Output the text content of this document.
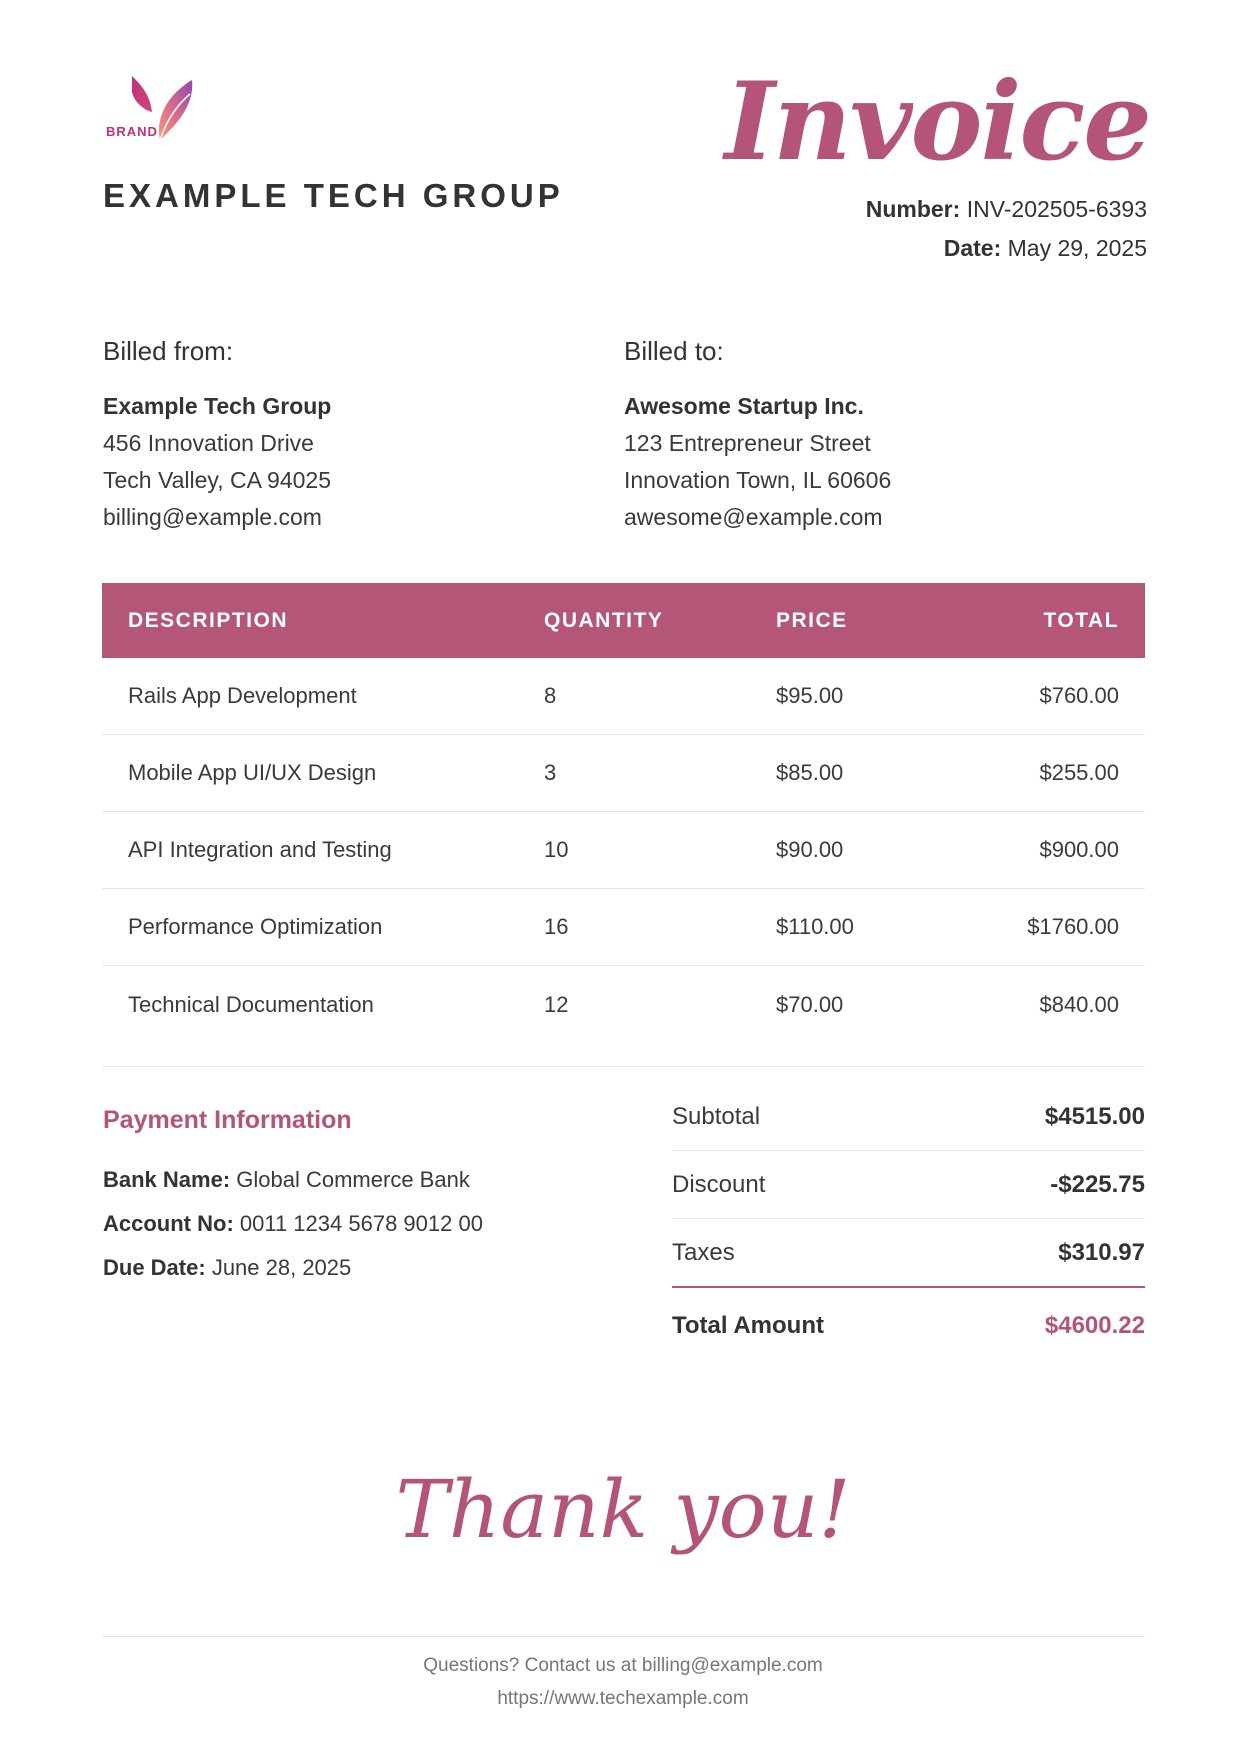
BRAND
EXAMPLE TECH GROUP
Invoice
Number: INV-202505-6393
Date: May 29, 2025
Billed from:
Example Tech Group
456 Innovation Drive
Tech Valley, CA 94025
billing@example.com
Billed to:
Awesome Startup Inc.
123 Entrepreneur Street
Innovation Town, IL 60606
awesome@example.com
DESCRIPTION	QUANTITY	PRICE	TOTAL
Rails App Development	8	$95.00	$760.00
Mobile App UI/UX Design	3	$85.00	$255.00
API Integration and Testing	10	$90.00	$900.00
Performance Optimization	16	$110.00	$1760.00
Technical Documentation	12	$70.00	$840.00
Payment Information
Bank Name: Global Commerce Bank
Account No: 0011 1234 5678 9012 00
Due Date: June 28, 2025
Subtotal	$4515.00
Discount	-$225.75
Taxes	$310.97
Total Amount	$4600.22
Thank you!
Questions? Contact us at billing@example.com
https://www.techexample.com
